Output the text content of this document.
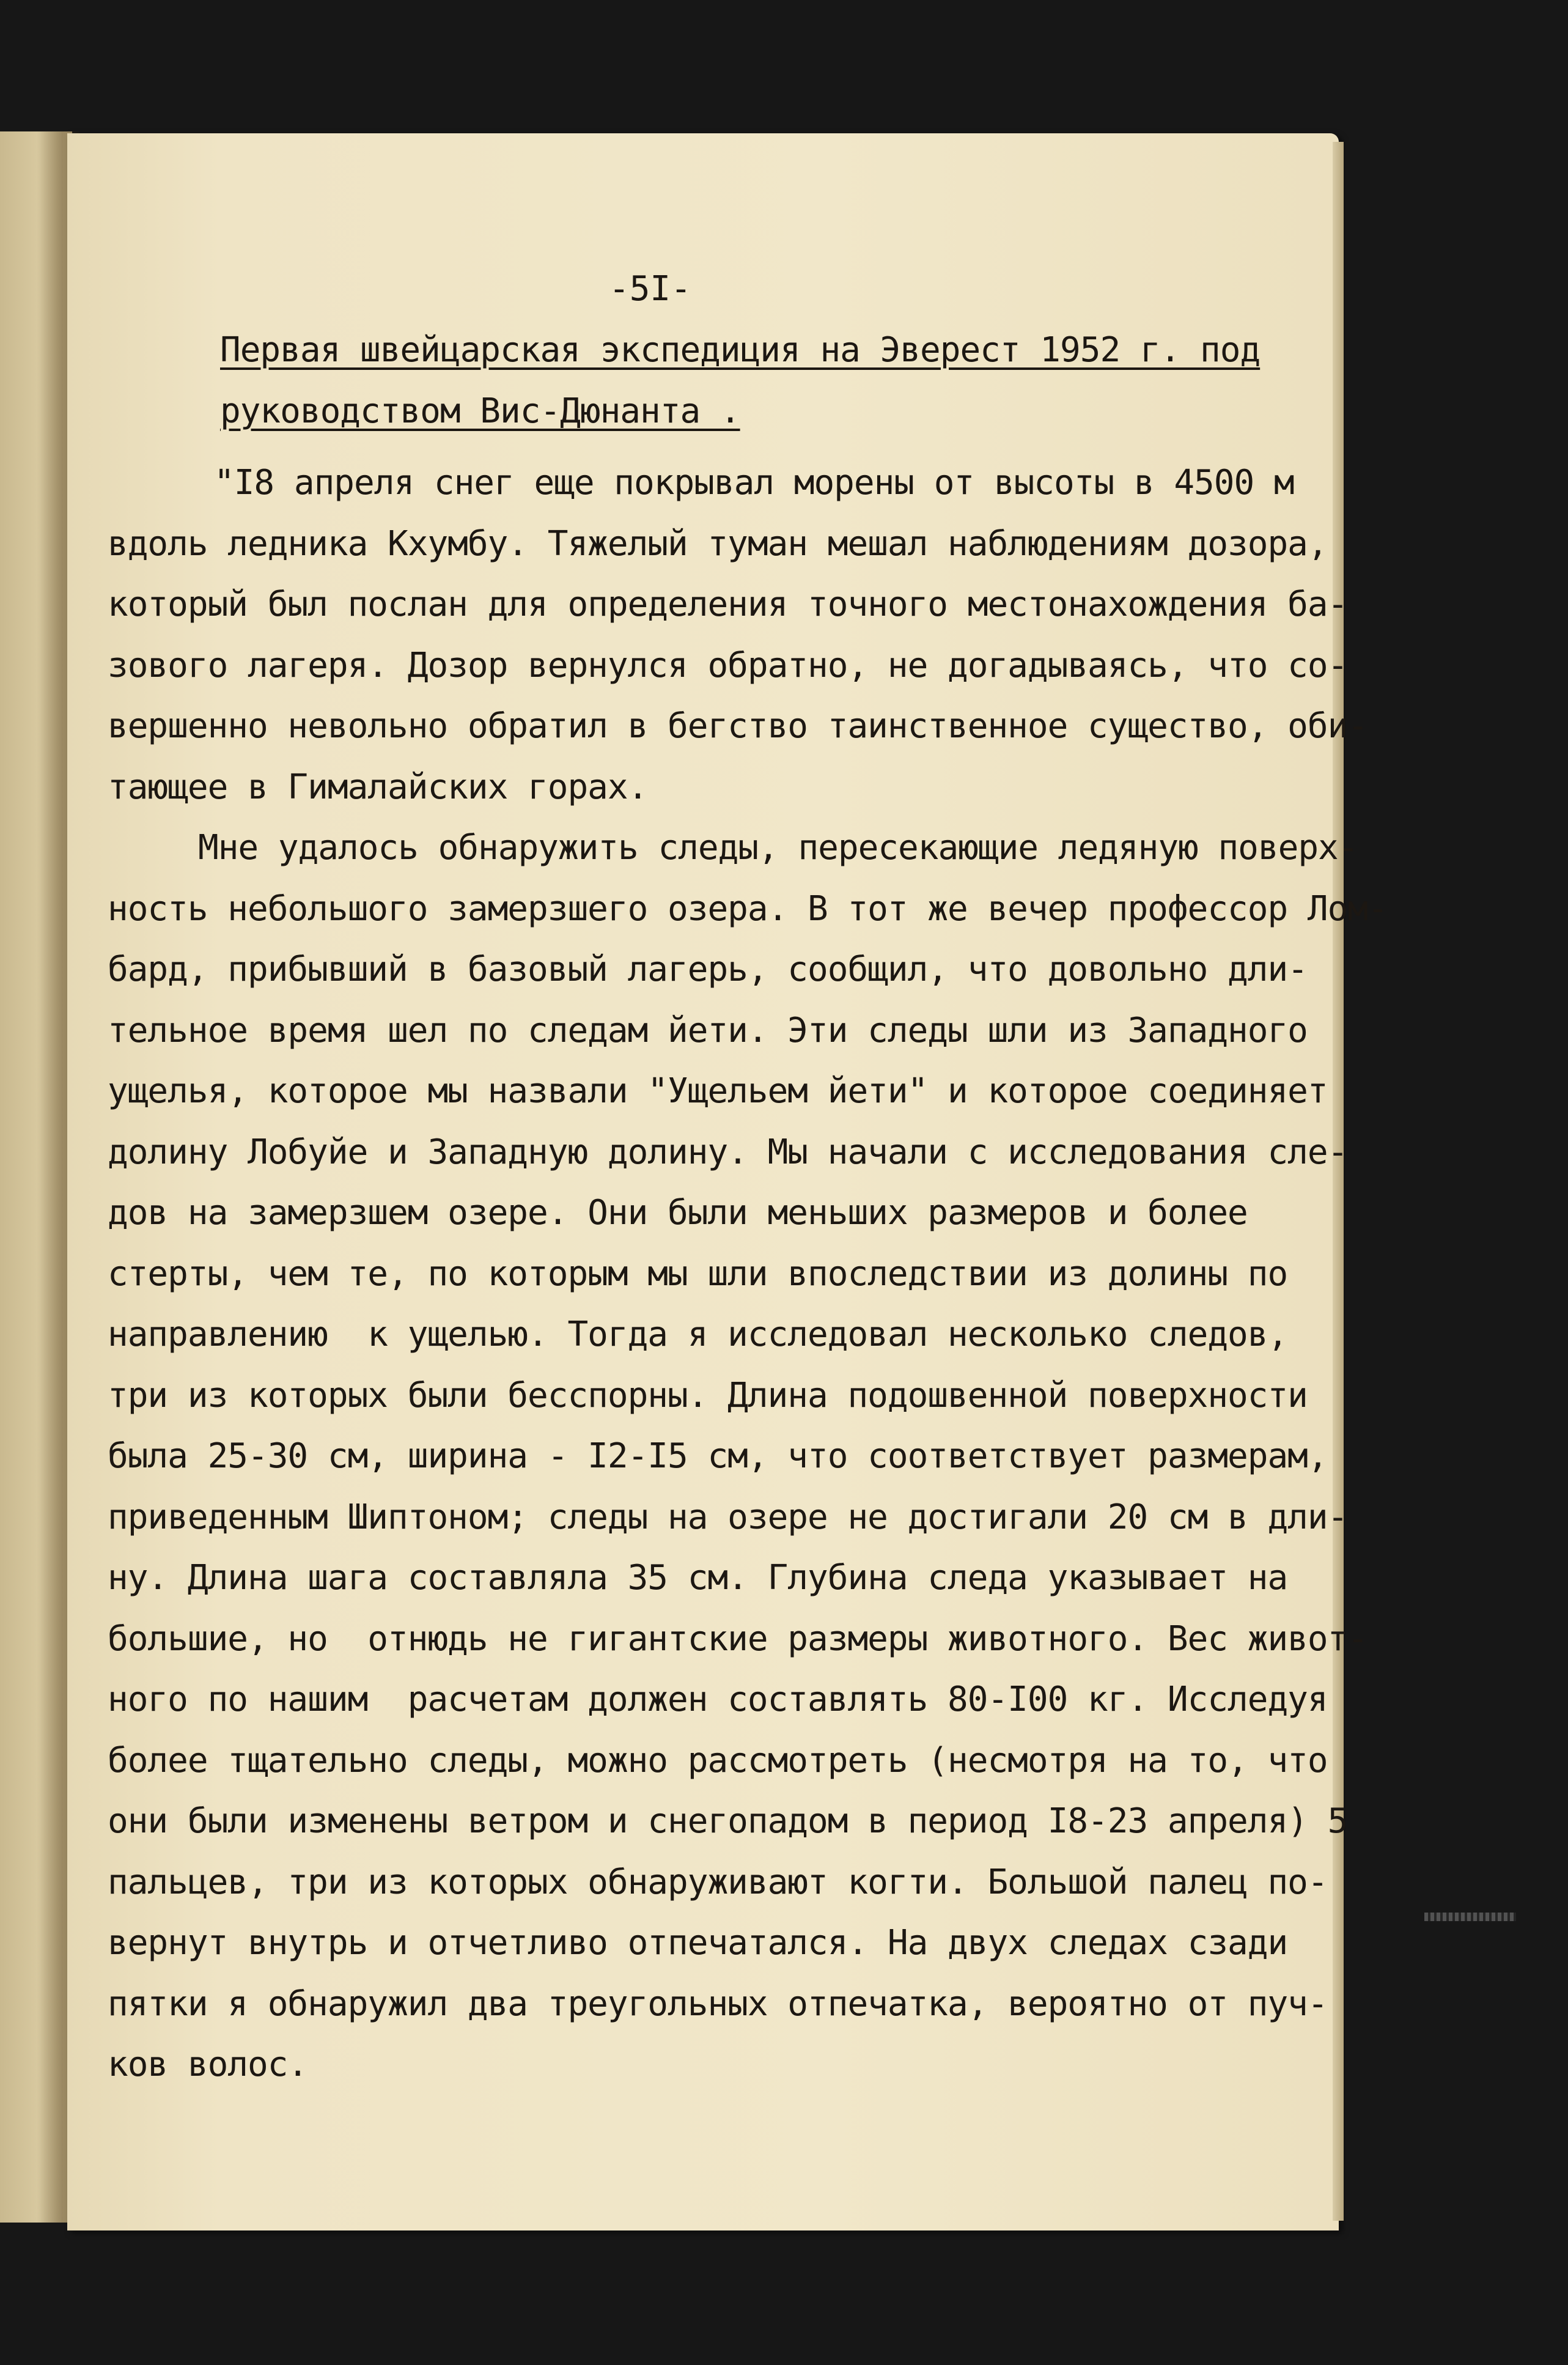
-5I-
Первая швейцарская экспедиция на Эверест 1952 г. под
руководством Вис-Дюнанта .
"I8 апреля снег еще покрывал морены от высоты в 4500 м
вдоль ледника Кхумбу. Тяжелый туман мешал наблюдениям дозора,
который был послан для определения точного местонахождения ба-
зового лагеря. Дозор вернулся обратно, не догадываясь, что со-
вершенно невольно обратил в бегство таинственное существо, оби-
тающее в Гималайских горах.
Мне удалось обнаружить следы, пересекающие ледяную поверх-
ность небольшого замерзшего озера. В тот же вечер профессор Лом-
бард, прибывший в базовый лагерь, сообщил, что довольно дли-
тельное время шел по следам йети. Эти следы шли из Западного
ущелья, которое мы назвали "Ущельем йети" и которое соединяет
долину Лобуйе и Западную долину. Мы начали с исследования сле-
дов на замерзшем озере. Они были меньших размеров и более
стерты, чем те, по которым мы шли впоследствии из долины по
направлению  к ущелью. Тогда я исследовал несколько следов,
три из которых были бесспорны. Длина подошвенной поверхности
была 25-30 см, ширина - I2-I5 см, что соответствует размерам,
приведенным Шиптоном; следы на озере не достигали 20 см в дли-
ну. Длина шага составляла 35 см. Глубина следа указывает на
большие, но  отнюдь не гигантские размеры животного. Вес живот-
ного по нашим  расчетам должен составлять 80-I00 кг. Исследуя
более тщательно следы, можно рассмотреть (несмотря на то, что
они были изменены ветром и снегопадом в период I8-23 апреля) 5
пальцев, три из которых обнаруживают когти. Большой палец по-
вернут внутрь и отчетливо отпечатался. На двух следах сзади
пятки я обнаружил два треугольных отпечатка, вероятно от пуч-
ков волос.
